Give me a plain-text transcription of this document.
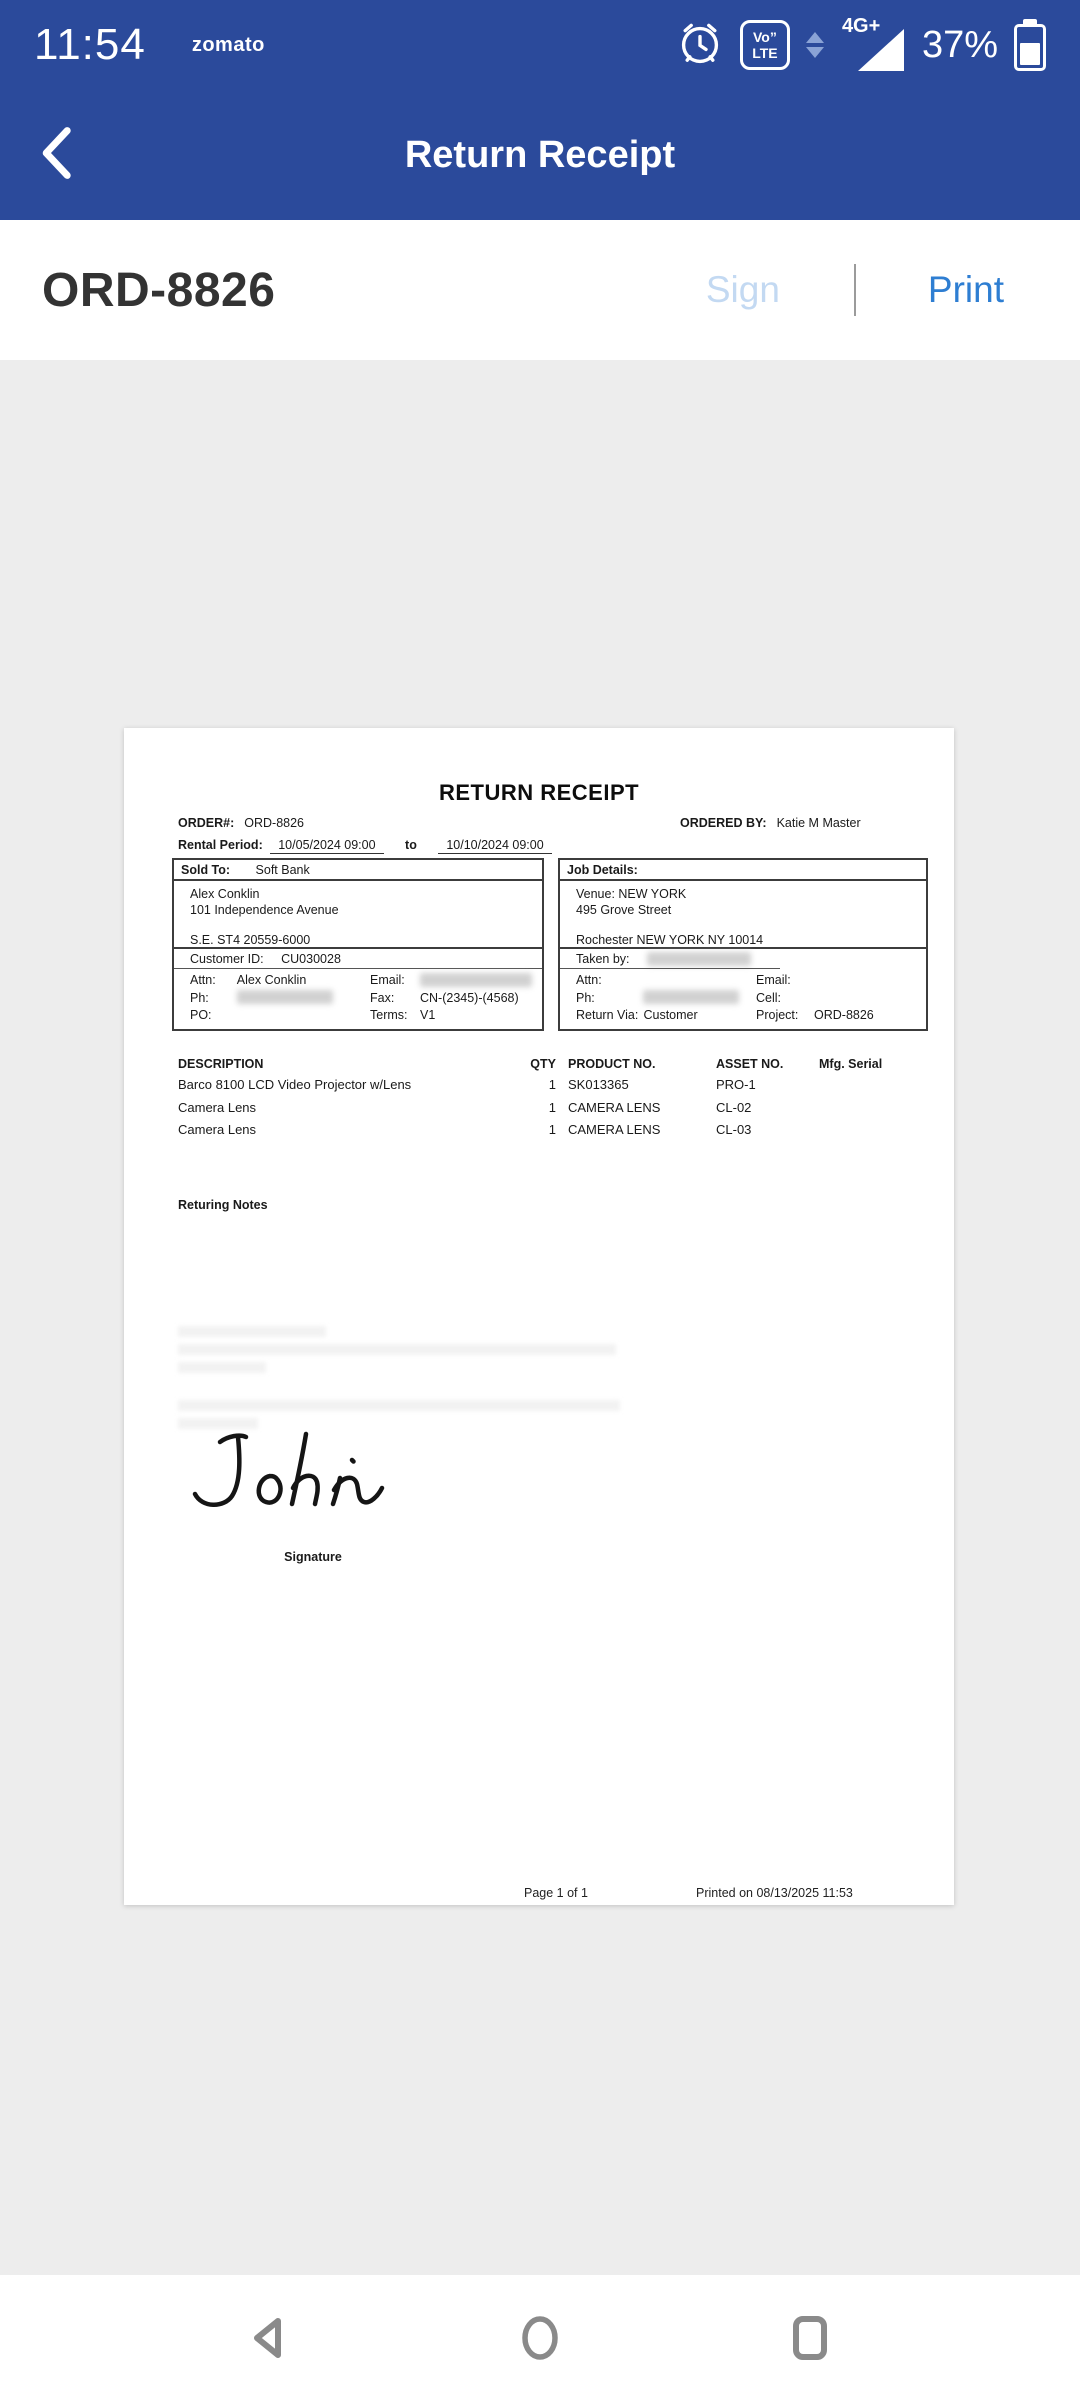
11:54 zomato	Vo”
LTE
4G+ 37%
Return Receipt
ORD-8826	Sign	Print
RETURN RECEIPT
ORDER#: ORD-8826	ORDERED BY: Katie M Master
Rental Period: 10/05/2024 09:00 to 10/10/2024 09:00
Sold To: Soft Bank
Alex Conklin
101 Independence Avenue
S.E. ST4 20559-6000
Customer ID: CU030028
Attn: Alex Conklin	Email:
Ph:	Fax: CN-(2345)-(4568)
PO:	Terms: V1
Job Details:
Venue: NEW YORK
495 Grove Street
Rochester NEW YORK NY 10014
Taken by:
Attn:	Email:
Ph:	Cell:
Return Via: Customer	Project: ORD-8826
DESCRIPTION	QTY PRODUCT NO.	ASSET NO.	Mfg. Serial
Barco 8100 LCD Video Projector w/Lens	1 SK013365	PRO-1
Camera Lens	1 CAMERA LENS	CL-02
Camera Lens	1 CAMERA LENS	CL-03
Returing Notes
Signature
Page 1 of 1	Printed on 08/13/2025 11:53
